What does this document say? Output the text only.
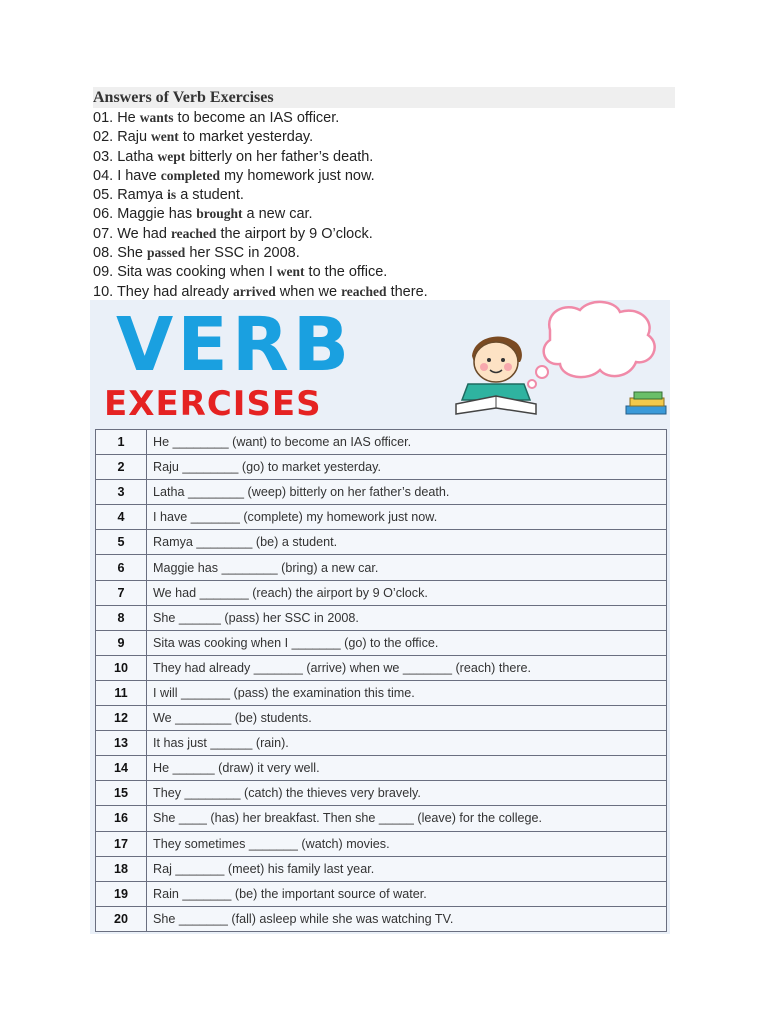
Answers of Verb Exercises
01. He wants to become an IAS officer.
02. Raju went to market yesterday.
03. Latha wept bitterly on her father’s death.
04. I have completed my homework just now.
05. Ramya is a student.
06. Maggie has brought a new car.
07. We had reached the airport by 9 O’clock.
08. She passed her SSC in 2008.
09. Sita was cooking when I went to the office.
10. They had already arrived when we reached there.
VERB
EXERCISES
1	He ________ (want) to become an IAS officer.
2	Raju ________ (go) to market yesterday.
3	Latha ________ (weep) bitterly on her father’s death.
4	I have _______ (complete) my homework just now.
5	Ramya ________ (be) a student.
6	Maggie has ________ (bring) a new car.
7	We had _______ (reach) the airport by 9 O’clock.
8	She ______ (pass) her SSC in 2008.
9	Sita was cooking when I _______ (go) to the office.
10	They had already _______ (arrive) when we _______ (reach) there.
11	I will _______ (pass) the examination this time.
12	We ________ (be) students.
13	It has just ______ (rain).
14	He ______ (draw) it very well.
15	They ________ (catch) the thieves very bravely.
16	She ____ (has) her breakfast. Then she _____ (leave) for the college.
17	They sometimes _______ (watch) movies.
18	Raj _______ (meet) his family last year.
19	Rain _______ (be) the important source of water.
20	She _______ (fall) asleep while she was watching TV.
